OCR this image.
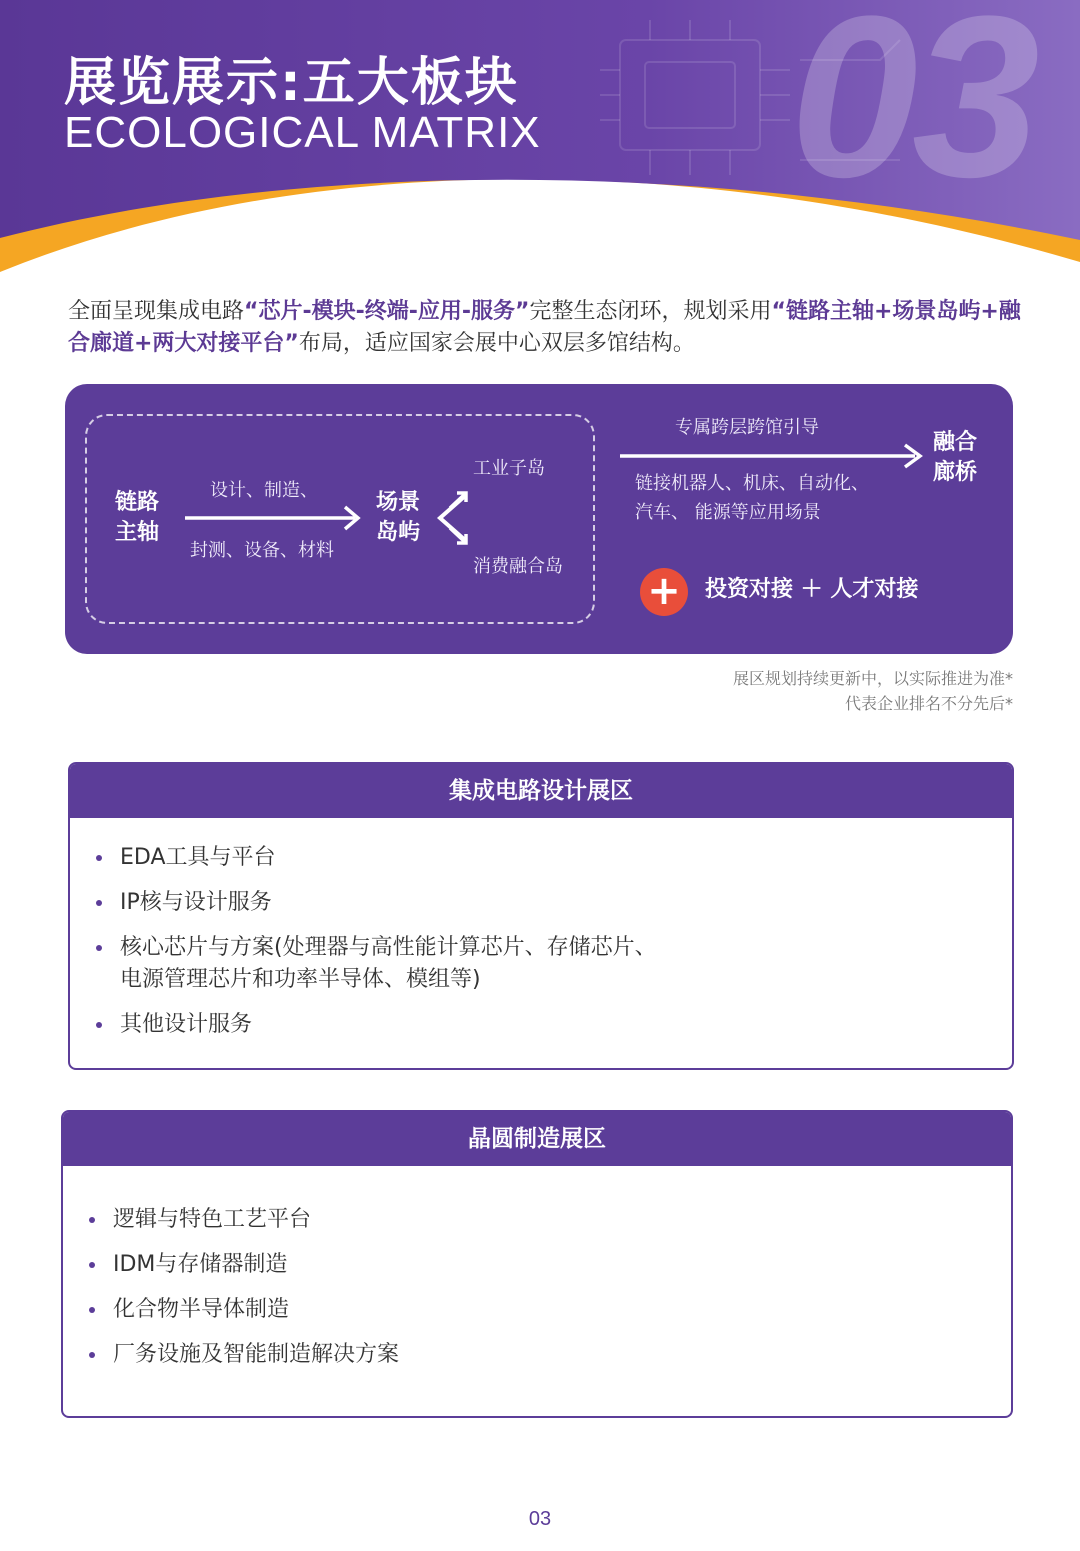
03
展览展示:五大板块
ECOLOGICAL MATRIX

全面呈现集成电路“芯片-模块-终端-应用-服务”完整生态闭环，规划采用“链路主轴+场景岛屿+融合廊道+两大对接平台”布局，适应国家会展中心双层多馆结构。

链路
主轴
设计、制造、
封测、设备、材料
场景
岛屿
工业子岛
消费融合岛
专属跨层跨馆引导
融合
廊桥
链接机器人、机床、自动化、
汽车、 能源等应用场景
+	投资对接 ＋ 人才对接
展区规划持续更新中，以实际推进为准*
代表企业排名不分先后*
集成电路设计展区
EDA工具与平台
IP核与设计服务
核心芯片与方案(处理器与高性能计算芯片、存储芯片、
电源管理芯片和功率半导体、模组等)
其他设计服务
晶圆制造展区
逻辑与特色工艺平台
IDM与存储器制造
化合物半导体制造
厂务设施及智能制造解决方案
03
